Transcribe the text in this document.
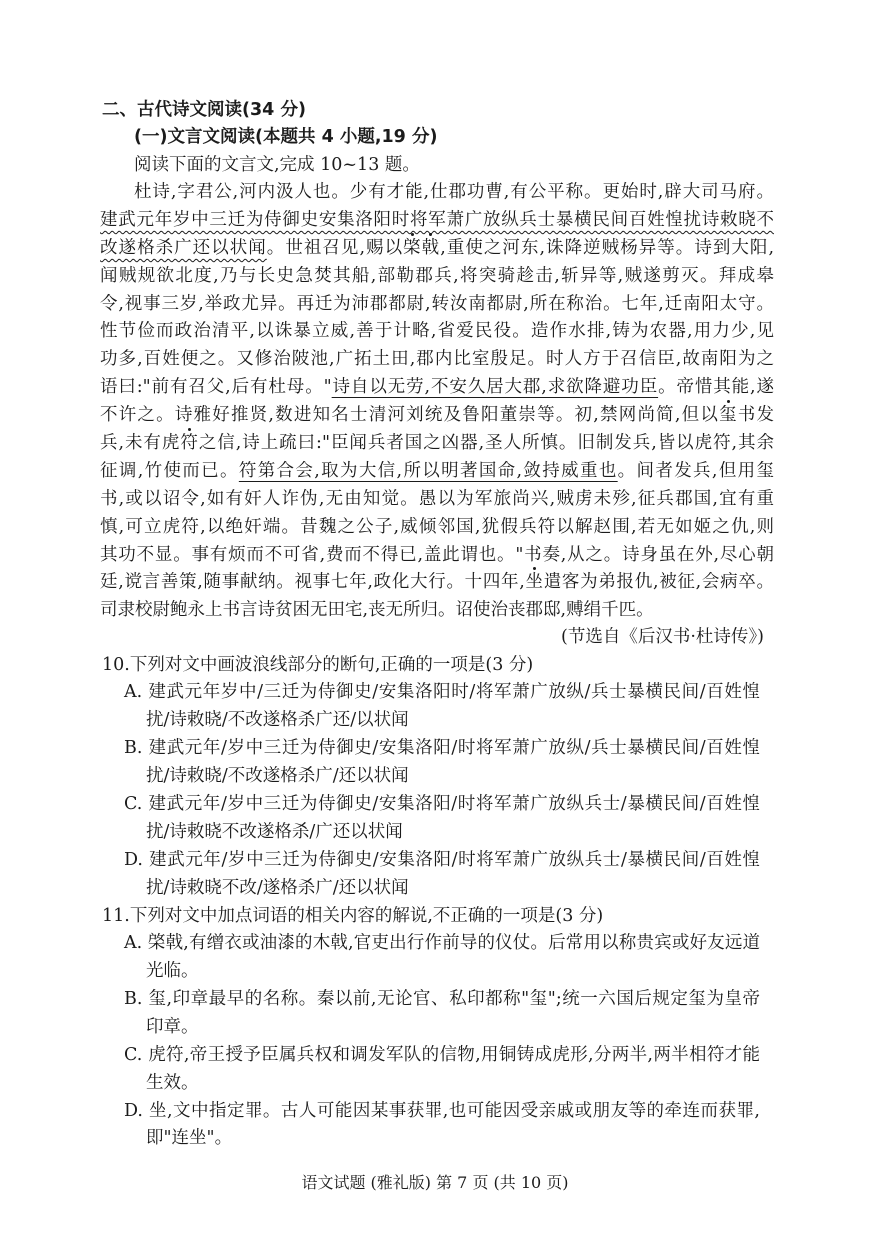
二、古代诗文阅读(34 分)
(一)文言文阅读(本题共 4 小题,19 分)
阅读下面的文言文,完成 10~13 题。
杜诗,字君公,河内汲人也。少有才能,仕郡功曹,有公平称。更始时,辟大司马府。
建武元年岁中三迁为侍御史安集洛阳时将军萧广放纵兵士暴横民间百姓惶扰诗敕晓不
改遂格杀广还以状闻。世祖召见,赐以棨戟,重使之河东,诛降逆贼杨异等。诗到大阳,
闻贼规欲北度,乃与长史急焚其船,部勒郡兵,将突骑趁击,斩异等,贼遂剪灭。拜成皋
令,视事三岁,举政尤异。再迁为沛郡都尉,转汝南都尉,所在称治。七年,迁南阳太守。
性节俭而政治清平,以诛暴立威,善于计略,省爱民役。造作水排,铸为农器,用力少,见
功多,百姓便之。又修治陂池,广拓土田,郡内比室殷足。时人方于召信臣,故南阳为之
语曰:"前有召父,后有杜母。"诗自以无劳,不安久居大郡,求欲降避功臣。帝惜其能,遂
不许之。诗雅好推贤,数进知名士清河刘统及鲁阳董崇等。初,禁网尚简,但以玺书发
兵,未有虎符之信,诗上疏曰:"臣闻兵者国之凶器,圣人所慎。旧制发兵,皆以虎符,其余
征调,竹使而已。符第合会,取为大信,所以明著国命,敛持威重也。间者发兵,但用玺
书,或以诏令,如有奸人诈伪,无由知觉。愚以为军旅尚兴,贼虏未殄,征兵郡国,宜有重
慎,可立虎符,以绝奸端。昔魏之公子,威倾邻国,犹假兵符以解赵围,若无如姬之仇,则
其功不显。事有烦而不可省,费而不得已,盖此谓也。"书奏,从之。诗身虽在外,尽心朝
廷,谠言善策,随事献纳。视事七年,政化大行。十四年,坐遣客为弟报仇,被征,会病卒。
司隶校尉鲍永上书言诗贫困无田宅,丧无所归。诏使治丧郡邸,赙绢千匹。
(节选自《后汉书·杜诗传》)
10.下列对文中画波浪线部分的断句,正确的一项是(3 分)
A. 建武元年岁中/三迁为侍御史/安集洛阳时/将军萧广放纵/兵士暴横民间/百姓惶
扰/诗敕晓/不改遂格杀广还/以状闻
B. 建武元年/岁中三迁为侍御史/安集洛阳/时将军萧广放纵/兵士暴横民间/百姓惶
扰/诗敕晓/不改遂格杀广/还以状闻
C. 建武元年/岁中三迁为侍御史/安集洛阳/时将军萧广放纵兵士/暴横民间/百姓惶
扰/诗敕晓不改遂格杀/广还以状闻
D. 建武元年/岁中三迁为侍御史/安集洛阳/时将军萧广放纵兵士/暴横民间/百姓惶
扰/诗敕晓不改/遂格杀广/还以状闻
11.下列对文中加点词语的相关内容的解说,不正确的一项是(3 分)
A. 棨戟,有缯衣或油漆的木戟,官吏出行作前导的仪仗。后常用以称贵宾或好友远道
光临。
B. 玺,印章最早的名称。秦以前,无论官、私印都称"玺";统一六国后规定玺为皇帝
印章。
C. 虎符,帝王授予臣属兵权和调发军队的信物,用铜铸成虎形,分两半,两半相符才能
生效。
D. 坐,文中指定罪。古人可能因某事获罪,也可能因受亲戚或朋友等的牵连而获罪,
即"连坐"。
语文试题 (雅礼版) 第 7 页 (共 10 页)
